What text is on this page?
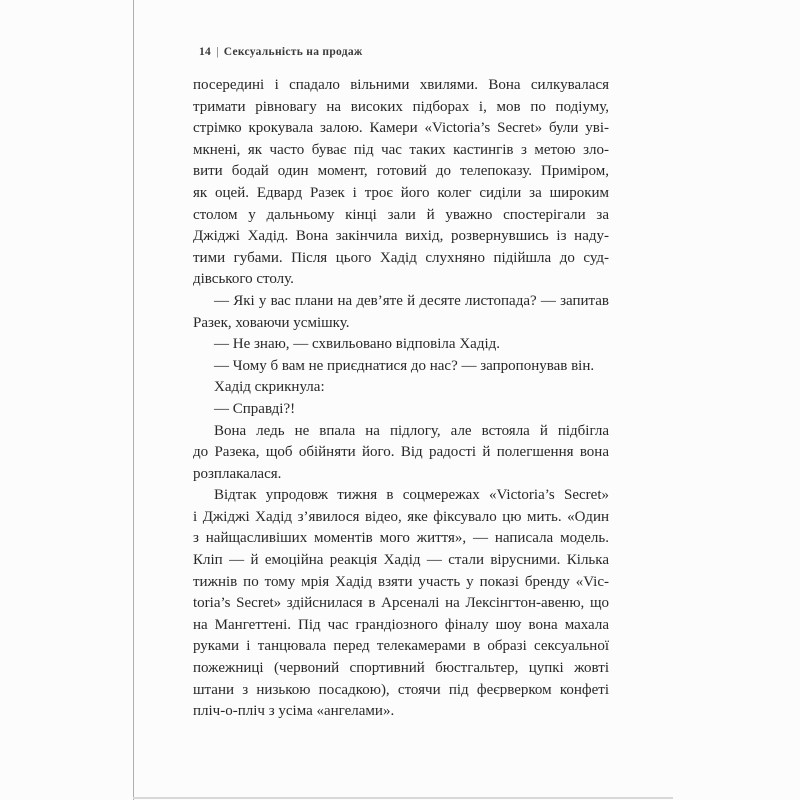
14 | Сексуальність на продаж
посередині і спадало вільними хвилями. Вона силкувалася
тримати рівновагу на високих підборах і, мов по подіуму,
стрімко крокувала залою. Камери «Victoria’s Secret» були уві-
мкнені, як часто буває під час таких кастингів з метою зло-
вити бодай один момент, готовий до телепоказу. Приміром,
як оцей. Едвард Разек і троє його колег сиділи за широким
столом у дальньому кінці зали й уважно спостерігали за
Джіджі Хадід. Вона закінчила вихід, розвернувшись із наду-
тими губами. Після цього Хадід слухняно підійшла до суд-
дівського столу.
— Які у вас плани на дев’яте й десяте листопада? — запитав
Разек, ховаючи усмішку.
— Не знаю, — схвильовано відповіла Хадід.
— Чому б вам не приєднатися до нас? — запропонував він.
Хадід скрикнула:
— Справді?!
Вона ледь не впала на підлогу, але встояла й підбігла
до Разека, щоб обійняти його. Від радості й полегшення вона
розплакалася.
Відтак упродовж тижня в соцмережах «Victoria’s Secret»
і Джіджі Хадід з’явилося відео, яке фіксувало цю мить. «Один
з найщасливіших моментів мого життя», — написала модель.
Кліп — й емоційна реакція Хадід — стали вірусними. Кілька
тижнів по тому мрія Хадід взяти участь у показі бренду «Vic-
toria’s Secret» здійснилася в Арсеналі на Лексінгтон-авеню, що
на Мангеттені. Під час грандіозного фіналу шоу вона махала
руками і танцювала перед телекамерами в образі сексуальної
пожежниці (червоний спортивний бюстгальтер, цупкі жовті
штани з низькою посадкою), стоячи під феєрверком конфеті
пліч-о-пліч з усіма «ангелами».
